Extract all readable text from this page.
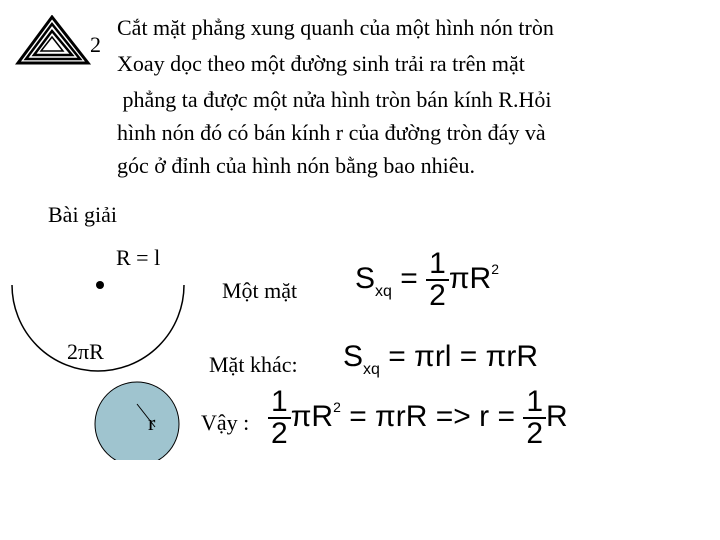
2
Cắt mặt phẳng xung quanh của một hình nón tròn
Xoay dọc theo một đường sinh trải ra trên mặt
phẳng ta được một nửa hình tròn bán kính R.Hỏi
hình nón đó có bán kính r của đường tròn đáy và
góc ở đỉnh của hình nón bằng bao nhiêu.
Bài giải
R = l
2πR
r
Một mặt
Mặt khác:
Vậy :
$S_{xq} = \frac{1}{2} \pi R^2$
$S_{xq} = \pi rl = \pi rR$
$\frac{1}{2} \pi R^2 = \pi rR => r = \frac{1}{2}$ R
